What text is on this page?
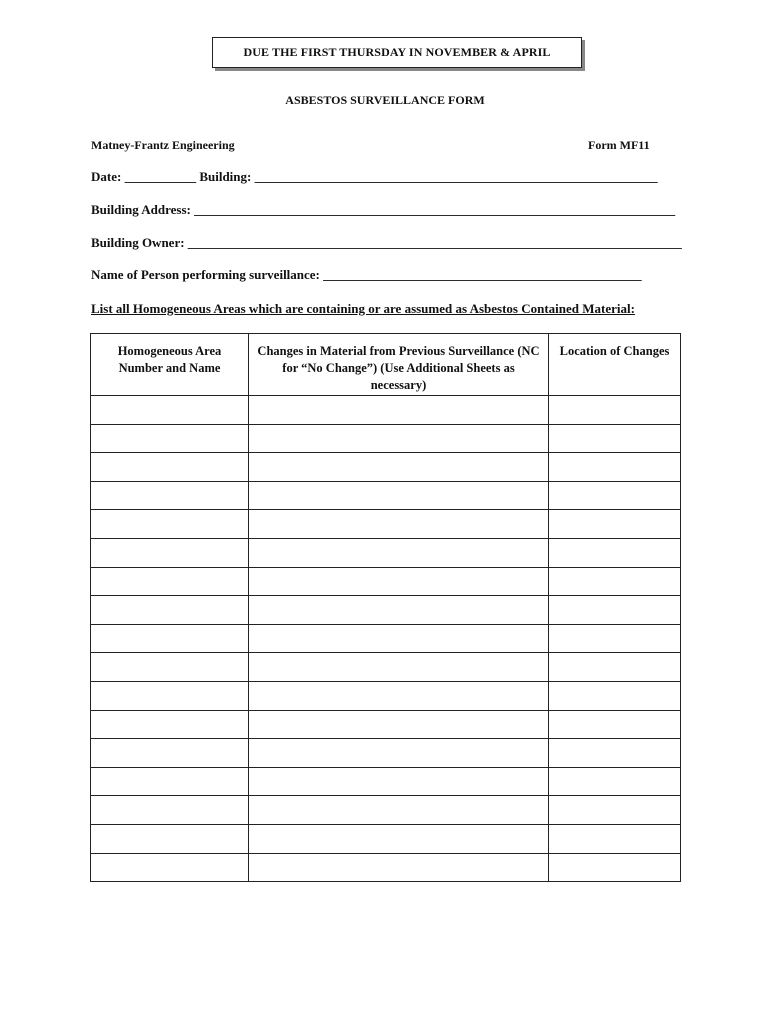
DUE THE FIRST THURSDAY IN NOVEMBER & APRIL
ASBESTOS SURVEILLANCE FORM
Matney-Frantz Engineering	Form MF11
Date: ___________ Building: ______________________________________________________________
Building Address: __________________________________________________________________________
Building Owner: ____________________________________________________________________________
Name of Person performing surveillance: _________________________________________________
List all Homogeneous Areas which are containing or are assumed as Asbestos Contained Material:
Homogeneous Area Number and Name	Changes in Material from Previous Surveillance (NC for “No Change”) (Use Additional Sheets as necessary)	Location of Changes
